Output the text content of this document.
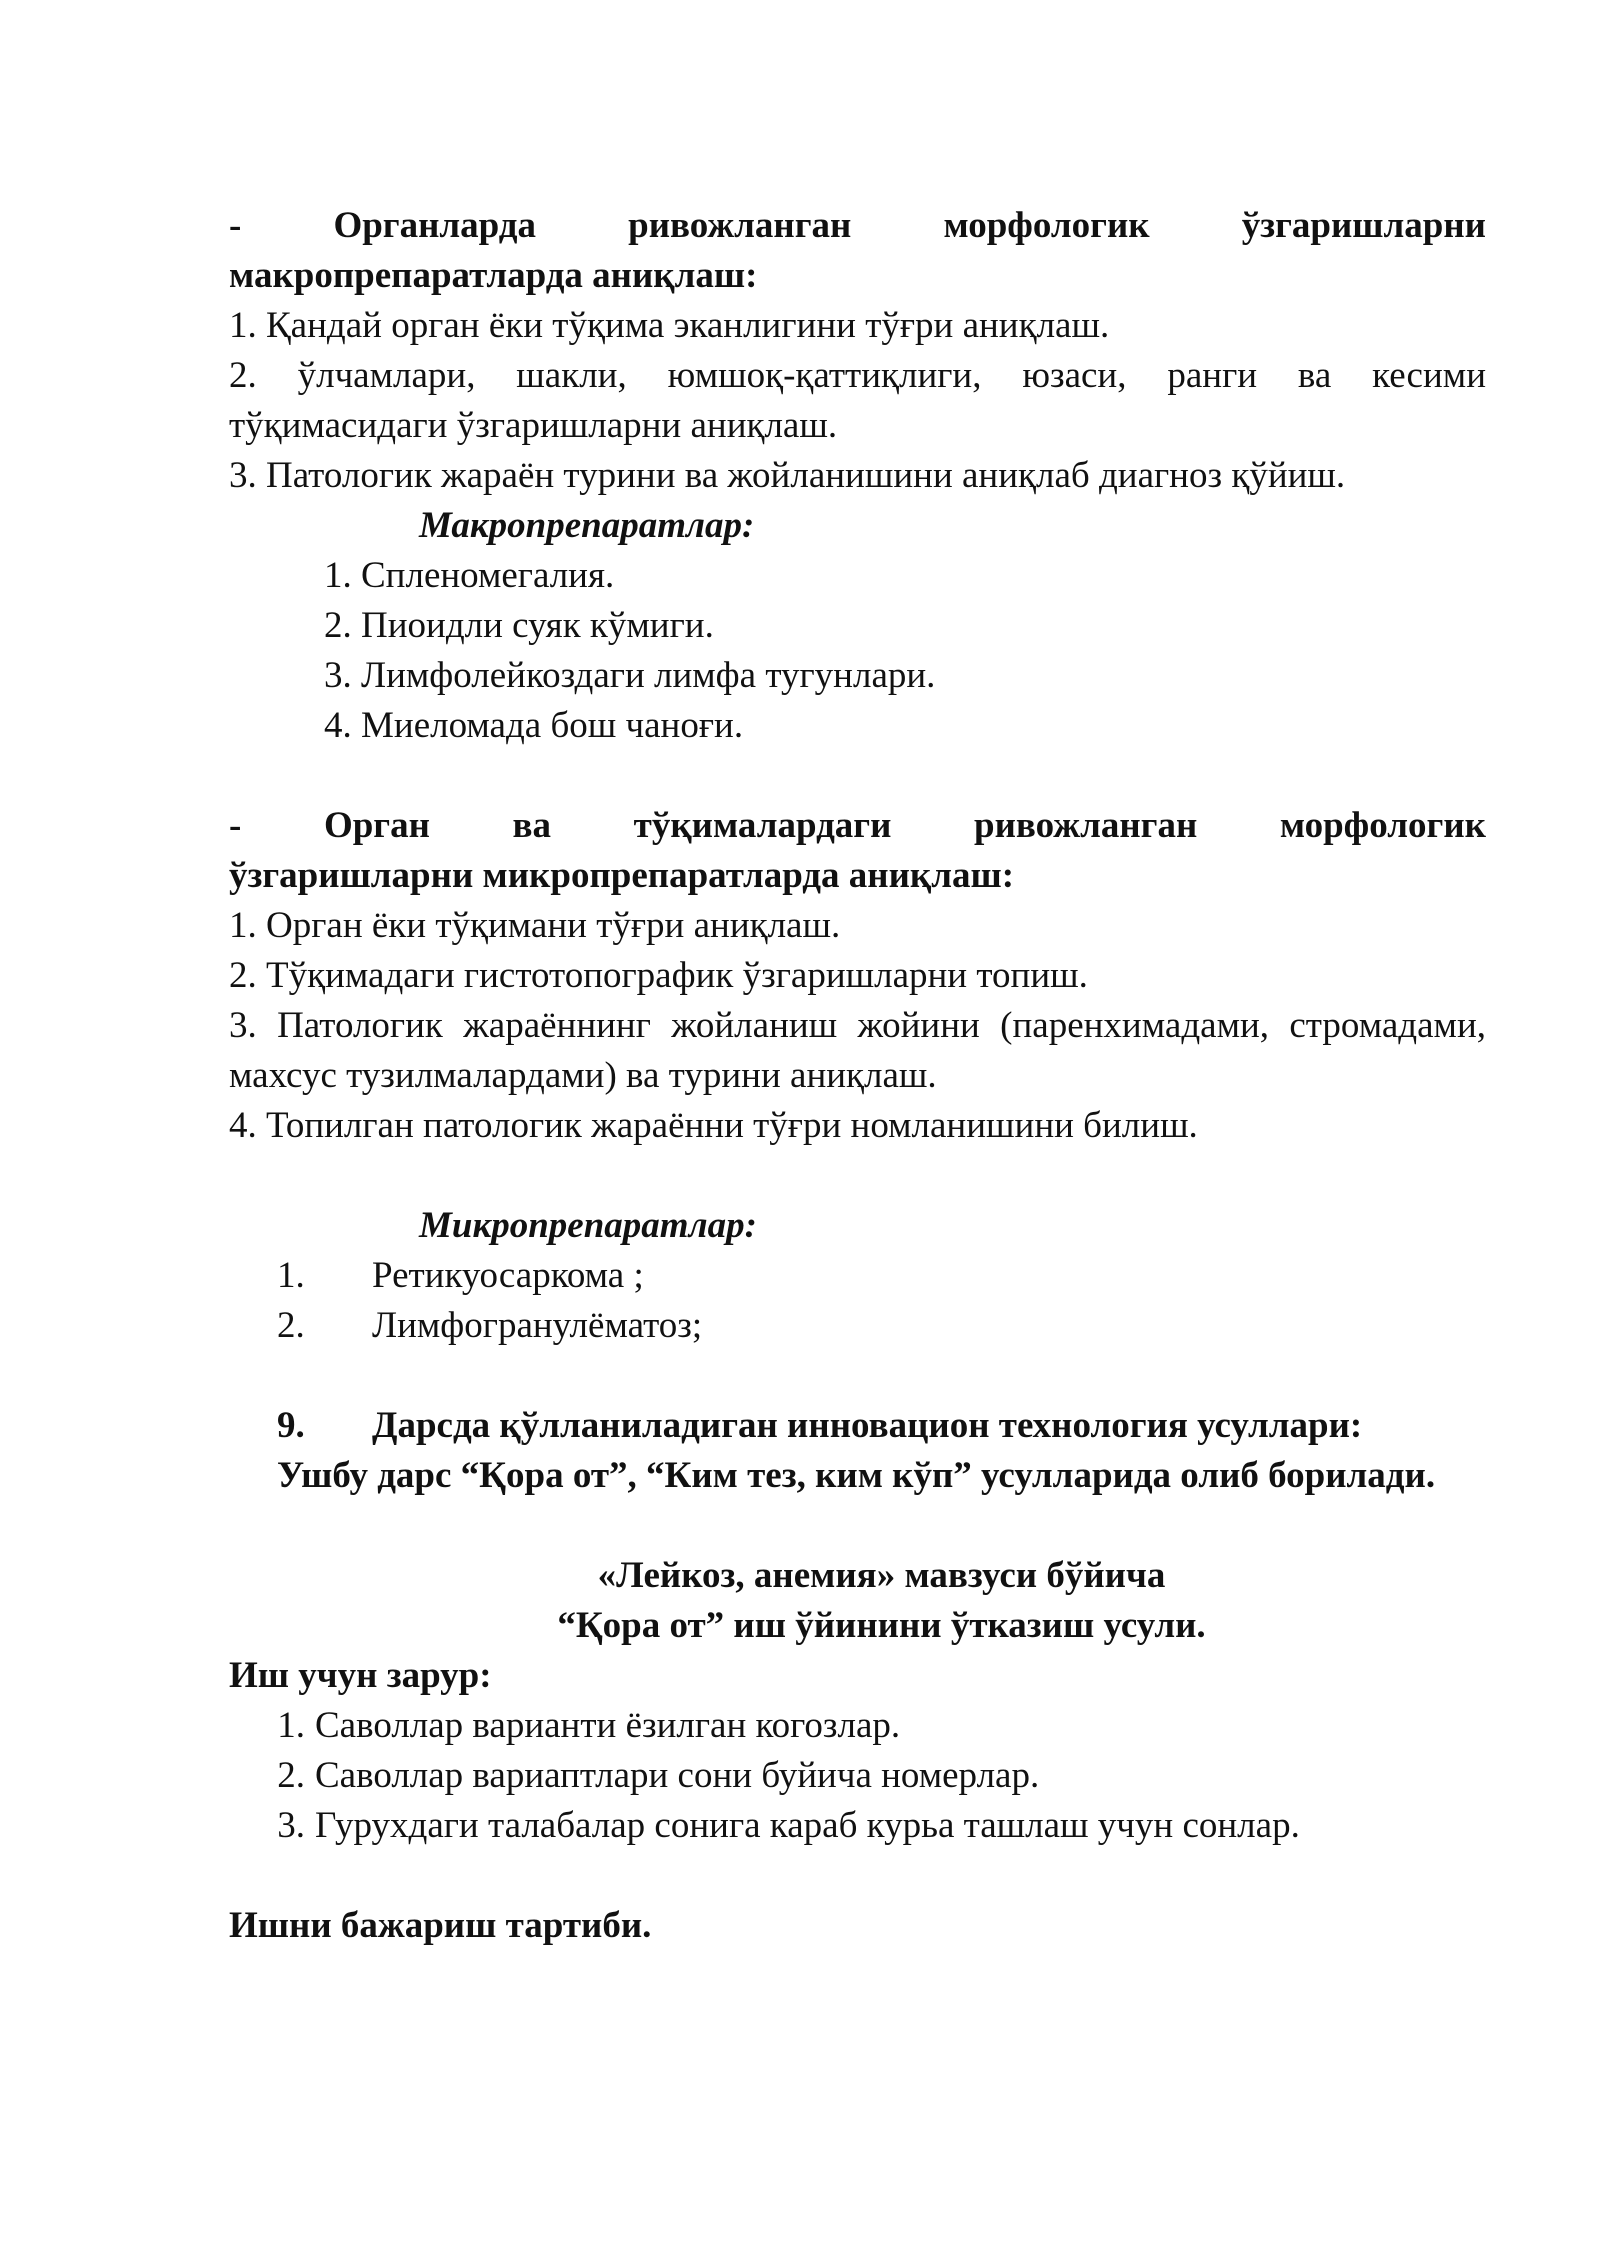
- Органларда ривожланган морфологик ўзгаришларни

макропрепаратларда аниқлаш:

1. Қандай орган ёки тўқима эканлигини тўғри аниқлаш.

2. ўлчамлари, шакли, юмшоқ-қаттиқлиги, юзаси, ранги ва кесими тўқимасидаги ўзгаришларни аниқлаш.

3. Патологик жараён турини ва жойланишини аниқлаб диагноз қўйиш.

Макропрепаратлар:

1. Спленомегалия.

2. Пиоидли суяк кўмиги.

3. Лимфолейкоздаги лимфа тугунлари.

4. Миеломада бош чаноғи.

- Орган ва тўқималардаги ривожланган морфологик

ўзгаришларни микропрепаратларда аниқлаш:

1. Орган ёки тўқимани тўғри аниқлаш.

2. Тўқимадаги гистотопографик ўзгаришларни топиш.

3. Патологик жараённинг жойланиш жойини (паренхимадами, стромадами, махсус тузилмалардами) ва турини аниқлаш.

4. Топилган патологик жараённи тўғри номланишини билиш.

Микропрепаратлар:

1.	Ретикуосаркома ;
2.	Лимфогранулёматоз;
9.	Дарсда қўлланиладиган инновацион технология усуллари:

Ушбу дарс “Қора от”, “Ким тез, ким кўп” усулларида олиб борилади.

«Лейкоз, анемия» мавзуси бўйича

“Қора от” иш ўйинини ўтказиш усули.

Иш учун зарур:

1. Саволлар варианти ёзилган когозлар.
2. Саволлар вариаптлари сони буйича номерлар.
3. Гурухдаги талабалар сонига караб курьа ташлаш учун сонлар.

Ишни бажариш тартиби.
